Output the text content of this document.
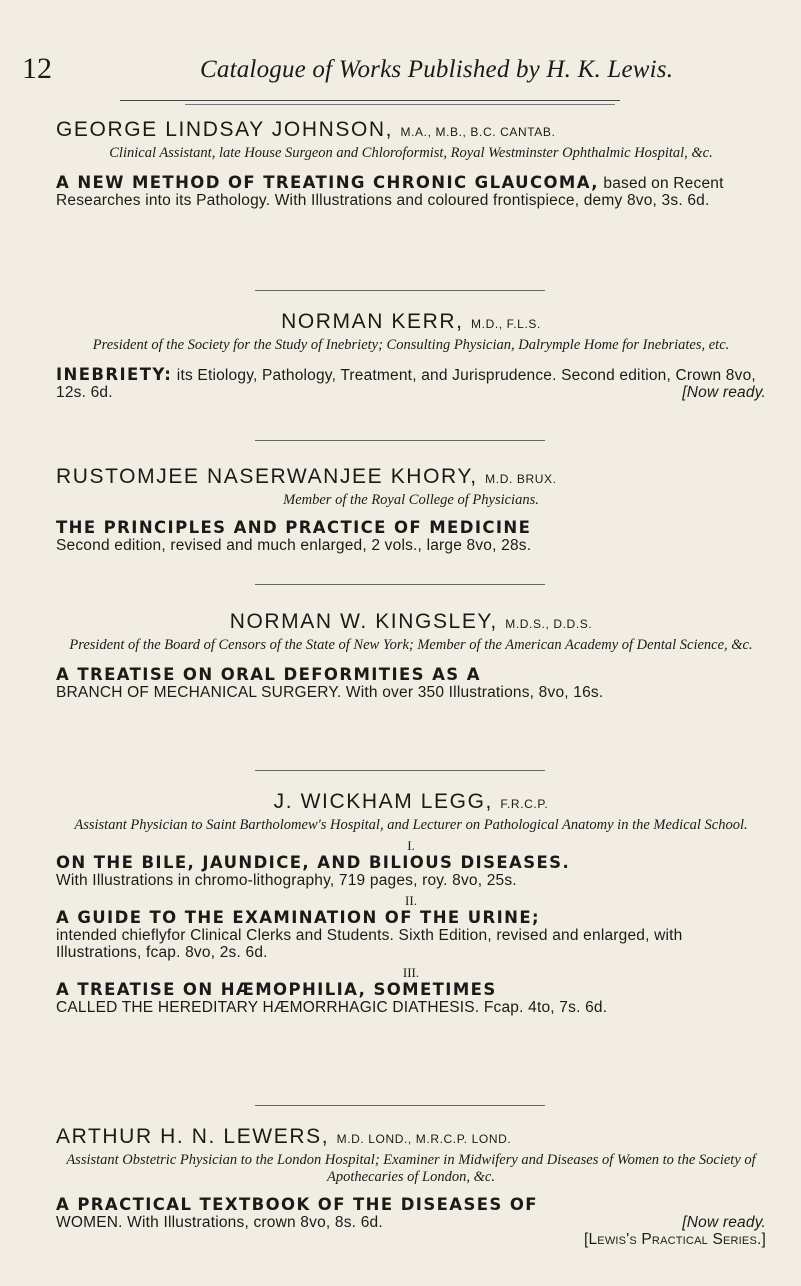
12	Catalogue of Works Published by H. K. Lewis.
GEORGE LINDSAY JOHNSON, M.A., M.B., B.C. CANTAB.
Clinical Assistant, late House Surgeon and Chloroformist, Royal Westminster Ophthalmic Hospital, &c.
A NEW METHOD OF TREATING CHRONIC GLAUCOMA, based on Recent Researches into its Pathology. With Illustrations and coloured frontispiece, demy 8vo, 3s. 6d.
NORMAN KERR, M.D., F.L.S.
President of the Society for the Study of Inebriety; Consulting Physician, Dalrymple Home for Inebriates, etc.
INEBRIETY: its Etiology, Pathology, Treatment, and Jurisprudence. Second edition, Crown 8vo, 12s. 6d.	[Now ready.
RUSTOMJEE NASERWANJEE KHORY, M.D. BRUX.
Member of the Royal College of Physicians.
THE PRINCIPLES AND PRACTICE OF MEDICINE
Second edition, revised and much enlarged, 2 vols., large 8vo, 28s.
NORMAN W. KINGSLEY, M.D.S., D.D.S.
President of the Board of Censors of the State of New York; Member of the American Academy of Dental Science, &c.
A TREATISE ON ORAL DEFORMITIES AS A
BRANCH OF MECHANICAL SURGERY. With over 350 Illustrations, 8vo, 16s.
J. WICKHAM LEGG, F.R.C.P.
Assistant Physician to Saint Bartholomew's Hospital, and Lecturer on Pathological Anatomy in the Medical School.
I.
ON THE BILE, JAUNDICE, AND BILIOUS DISEASES.
With Illustrations in chromo-lithography, 719 pages, roy. 8vo, 25s.
II.
A GUIDE TO THE EXAMINATION OF THE URINE;
intended chieflyfor Clinical Clerks and Students. Sixth Edition, revised and enlarged, with Illustrations, fcap. 8vo, 2s. 6d.
III.
A TREATISE ON HÆMOPHILIA, SOMETIMES
CALLED THE HEREDITARY HÆMORRHAGIC DIATHESIS. Fcap. 4to, 7s. 6d.
ARTHUR H. N. LEWERS, M.D. LOND., M.R.C.P. LOND.
Assistant Obstetric Physician to the London Hospital; Examiner in Midwifery and Diseases of Women to the Society of Apothecaries of London, &c.
A PRACTICAL TEXTBOOK OF THE DISEASES OF
WOMEN. With Illustrations, crown 8vo, 8s. 6d.	[Now ready.
[Lewis's Practical Series.]
